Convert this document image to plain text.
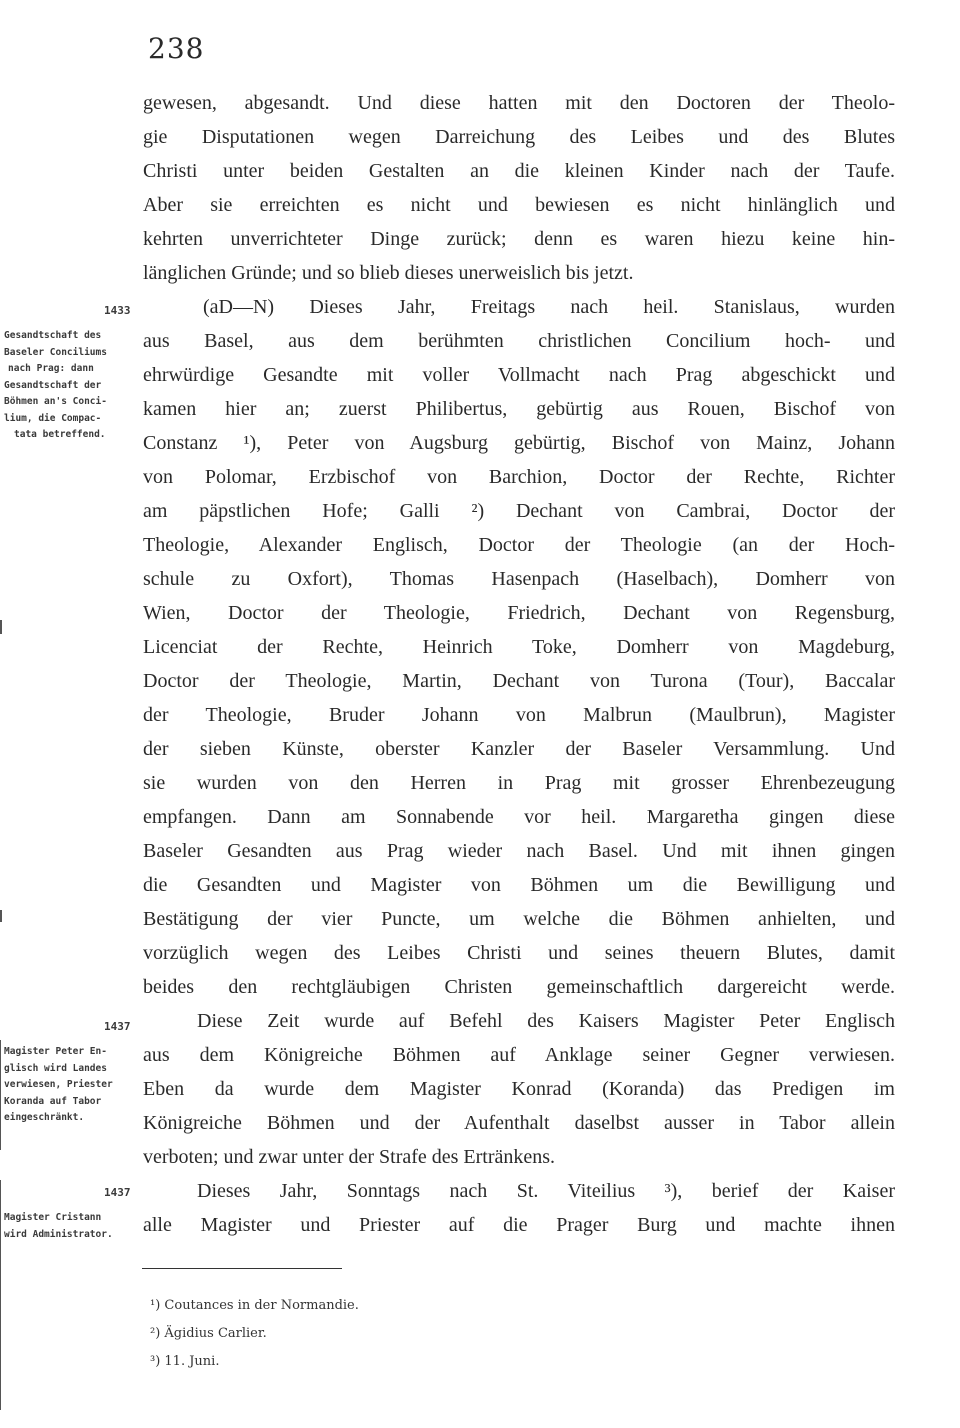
238
1433
Gesandtschaft des
Baseler Conciliums
nach Prag: dann
Gesandtschaft der
Böhmen an's Conci-
lium, die Compac-
tata betreffend.
1437
Magister Peter En-
glisch wird Landes
verwiesen, Priester
Koranda auf Tabor
eingeschränkt.
1437
Magister Cristann
wird Administrator.
gewesen, abgesandt. Und diese hatten mit den Doctoren der Theolo-
gie Disputationen wegen Darreichung des Leibes und des Blutes
Christi unter beiden Gestalten an die kleinen Kinder nach der Taufe.
Aber sie erreichten es nicht und bewiesen es nicht hinlänglich und
kehrten unverrichteter Dinge zurück; denn es waren hiezu keine hin-
länglichen Gründe; und so blieb dieses unerweislich bis jetzt.
(aD—N) Dieses Jahr, Freitags nach heil. Stanislaus, wurden
aus Basel, aus dem berühmten christlichen Concilium hoch- und
ehrwürdige Gesandte mit voller Vollmacht nach Prag abgeschickt und
kamen hier an; zuerst Philibertus, gebürtig aus Rouen, Bischof von
Constanz ¹), Peter von Augsburg gebürtig, Bischof von Mainz, Johann
von Polomar, Erzbischof von Barchion, Doctor der Rechte, Richter
am päpstlichen Hofe; Galli ²) Dechant von Cambrai, Doctor der
Theologie, Alexander Englisch, Doctor der Theologie (an der Hoch-
schule zu Oxfort), Thomas Hasenpach (Haselbach), Domherr von
Wien, Doctor der Theologie, Friedrich, Dechant von Regensburg,
Licenciat der Rechte, Heinrich Toke, Domherr von Magdeburg,
Doctor der Theologie, Martin, Dechant von Turona (Tour), Baccalar
der Theologie, Bruder Johann von Malbrun (Maulbrun), Magister
der sieben Künste, oberster Kanzler der Baseler Versammlung. Und
sie wurden von den Herren in Prag mit grosser Ehrenbezeugung
empfangen. Dann am Sonnabende vor heil. Margaretha gingen diese
Baseler Gesandten aus Prag wieder nach Basel. Und mit ihnen gingen
die Gesandten und Magister von Böhmen um die Bewilligung und
Bestätigung der vier Puncte, um welche die Böhmen anhielten, und
vorzüglich wegen des Leibes Christi und seines theuern Blutes, damit
beides den rechtgläubigen Christen gemeinschaftlich dargereicht werde.
Diese Zeit wurde auf Befehl des Kaisers Magister Peter Englisch
aus dem Königreiche Böhmen auf Anklage seiner Gegner verwiesen.
Eben da wurde dem Magister Konrad (Koranda) das Predigen im
Königreiche Böhmen und der Aufenthalt daselbst ausser in Tabor allein
verboten; und zwar unter der Strafe des Ertränkens.
Dieses Jahr, Sonntags nach St. Viteilius ³), berief der Kaiser
alle Magister und Priester auf die Prager Burg und machte ihnen
¹) Coutances in der Normandie.
²) Ägidius Carlier.
³) 11. Juni.
